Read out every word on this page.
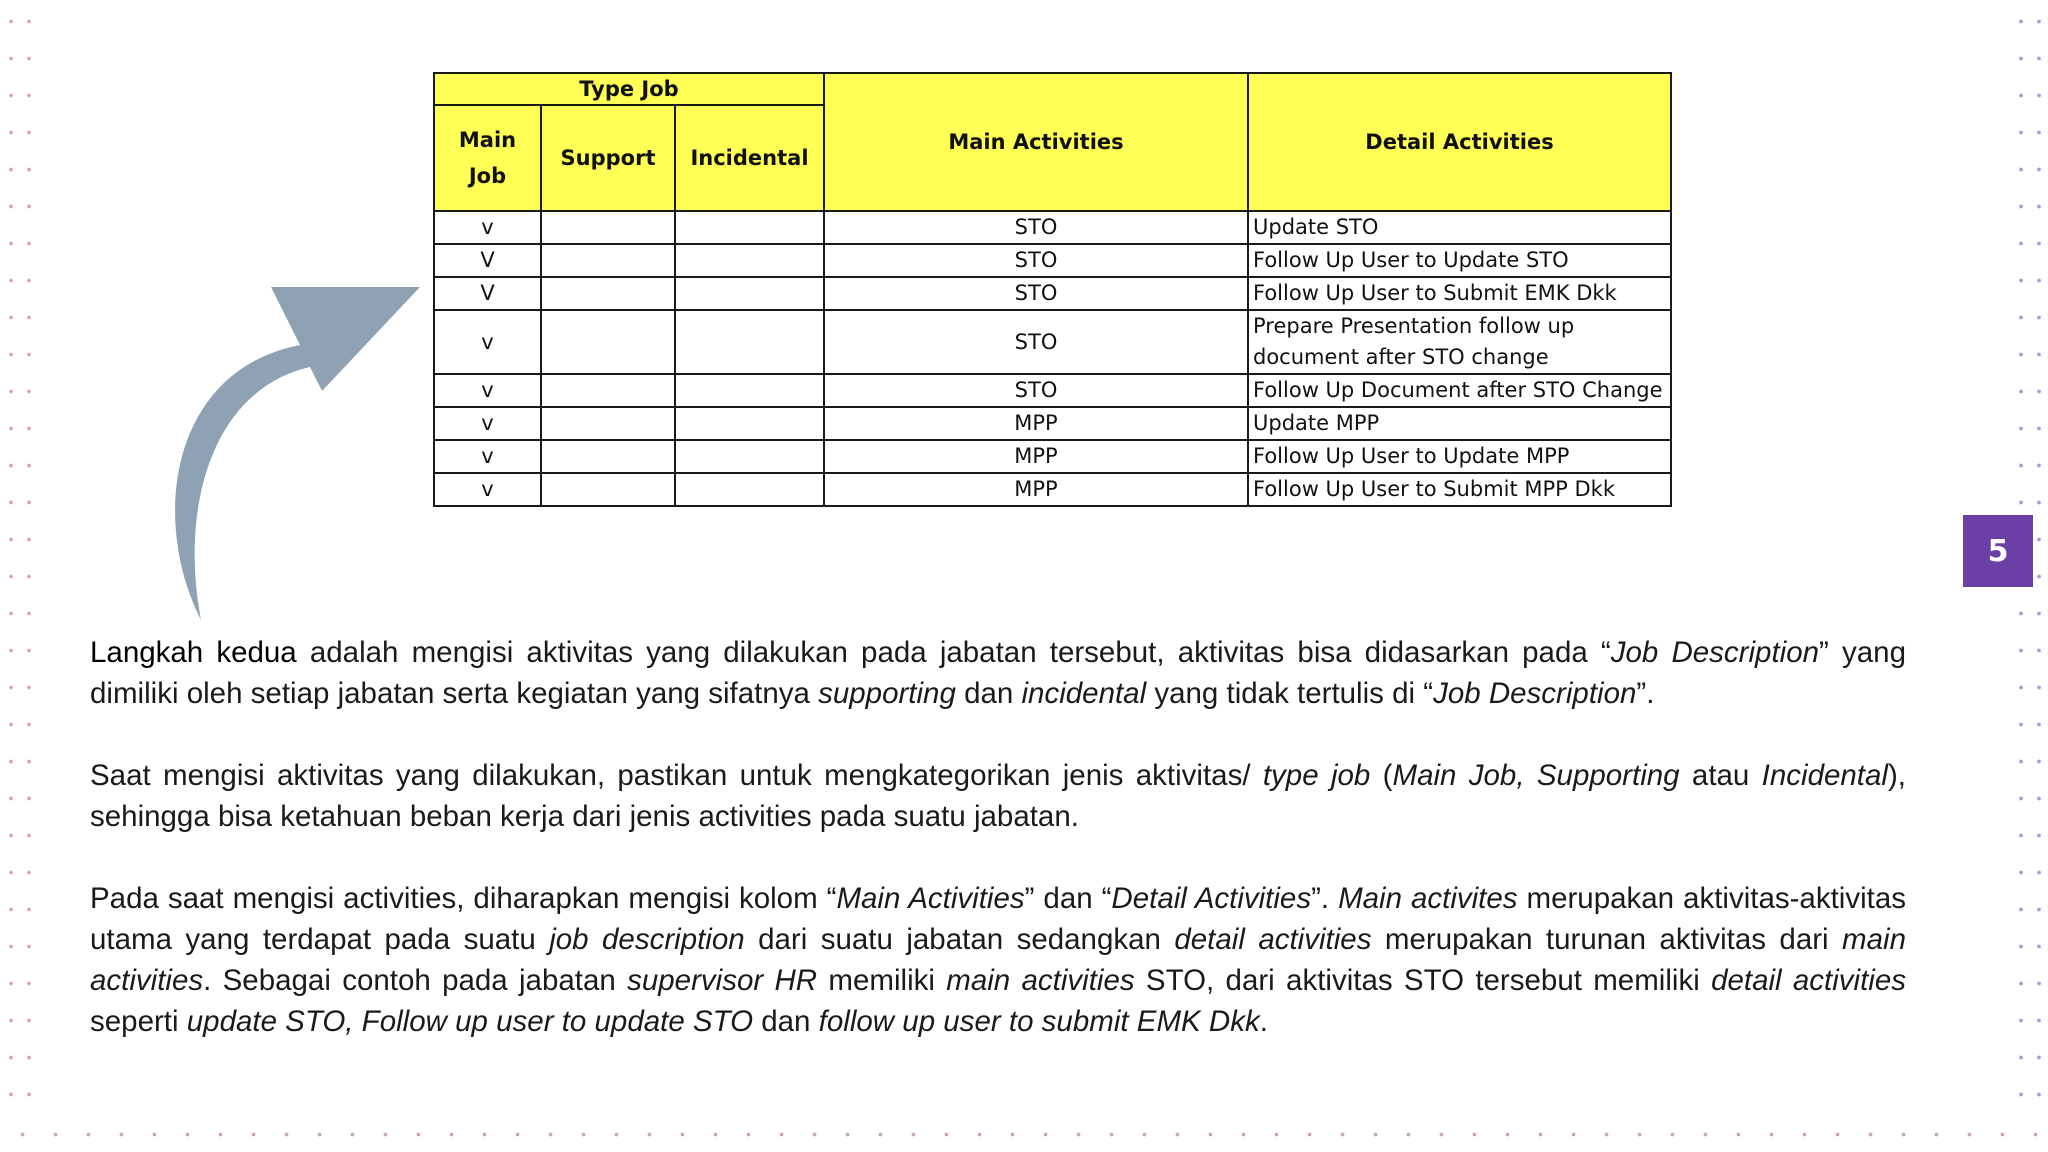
5
Type Job			Main Activities	Detail Activities

Main Job	Support	Incidental		
v			STO	Update STO
V			STO	Follow Up User to Update STO
V			STO	Follow Up User to Submit EMK Dkk
v			STO	Prepare Presentation follow up document after STO change
v			STO	Follow Up Document after STO Change
v			MPP	Update MPP
v			MPP	Follow Up User to Update MPP
v			MPP	Follow Up User to Submit MPP Dkk
Langkah kedua adalah mengisi aktivitas yang dilakukan pada jabatan tersebut, aktivitas bisa didasarkan pada “Job Description” yang dimiliki oleh setiap jabatan serta kegiatan yang sifatnya supporting dan incidental yang tidak tertulis di “Job Description”.
Saat mengisi aktivitas yang dilakukan, pastikan untuk mengkategorikan jenis aktivitas/ type job (Main Job, Supporting atau Incidental), sehingga bisa ketahuan beban kerja dari jenis activities pada suatu jabatan.
Pada saat mengisi activities, diharapkan mengisi kolom “Main Activities” dan “Detail Activities”. Main activites merupakan aktivitas-aktivitas utama yang terdapat pada suatu job description dari suatu jabatan sedangkan detail activities merupakan turunan aktivitas dari main activities. Sebagai contoh pada jabatan supervisor HR memiliki main activities STO, dari aktivitas STO tersebut memiliki detail activities seperti update STO, Follow up user to update STO dan follow up user to submit EMK Dkk.
